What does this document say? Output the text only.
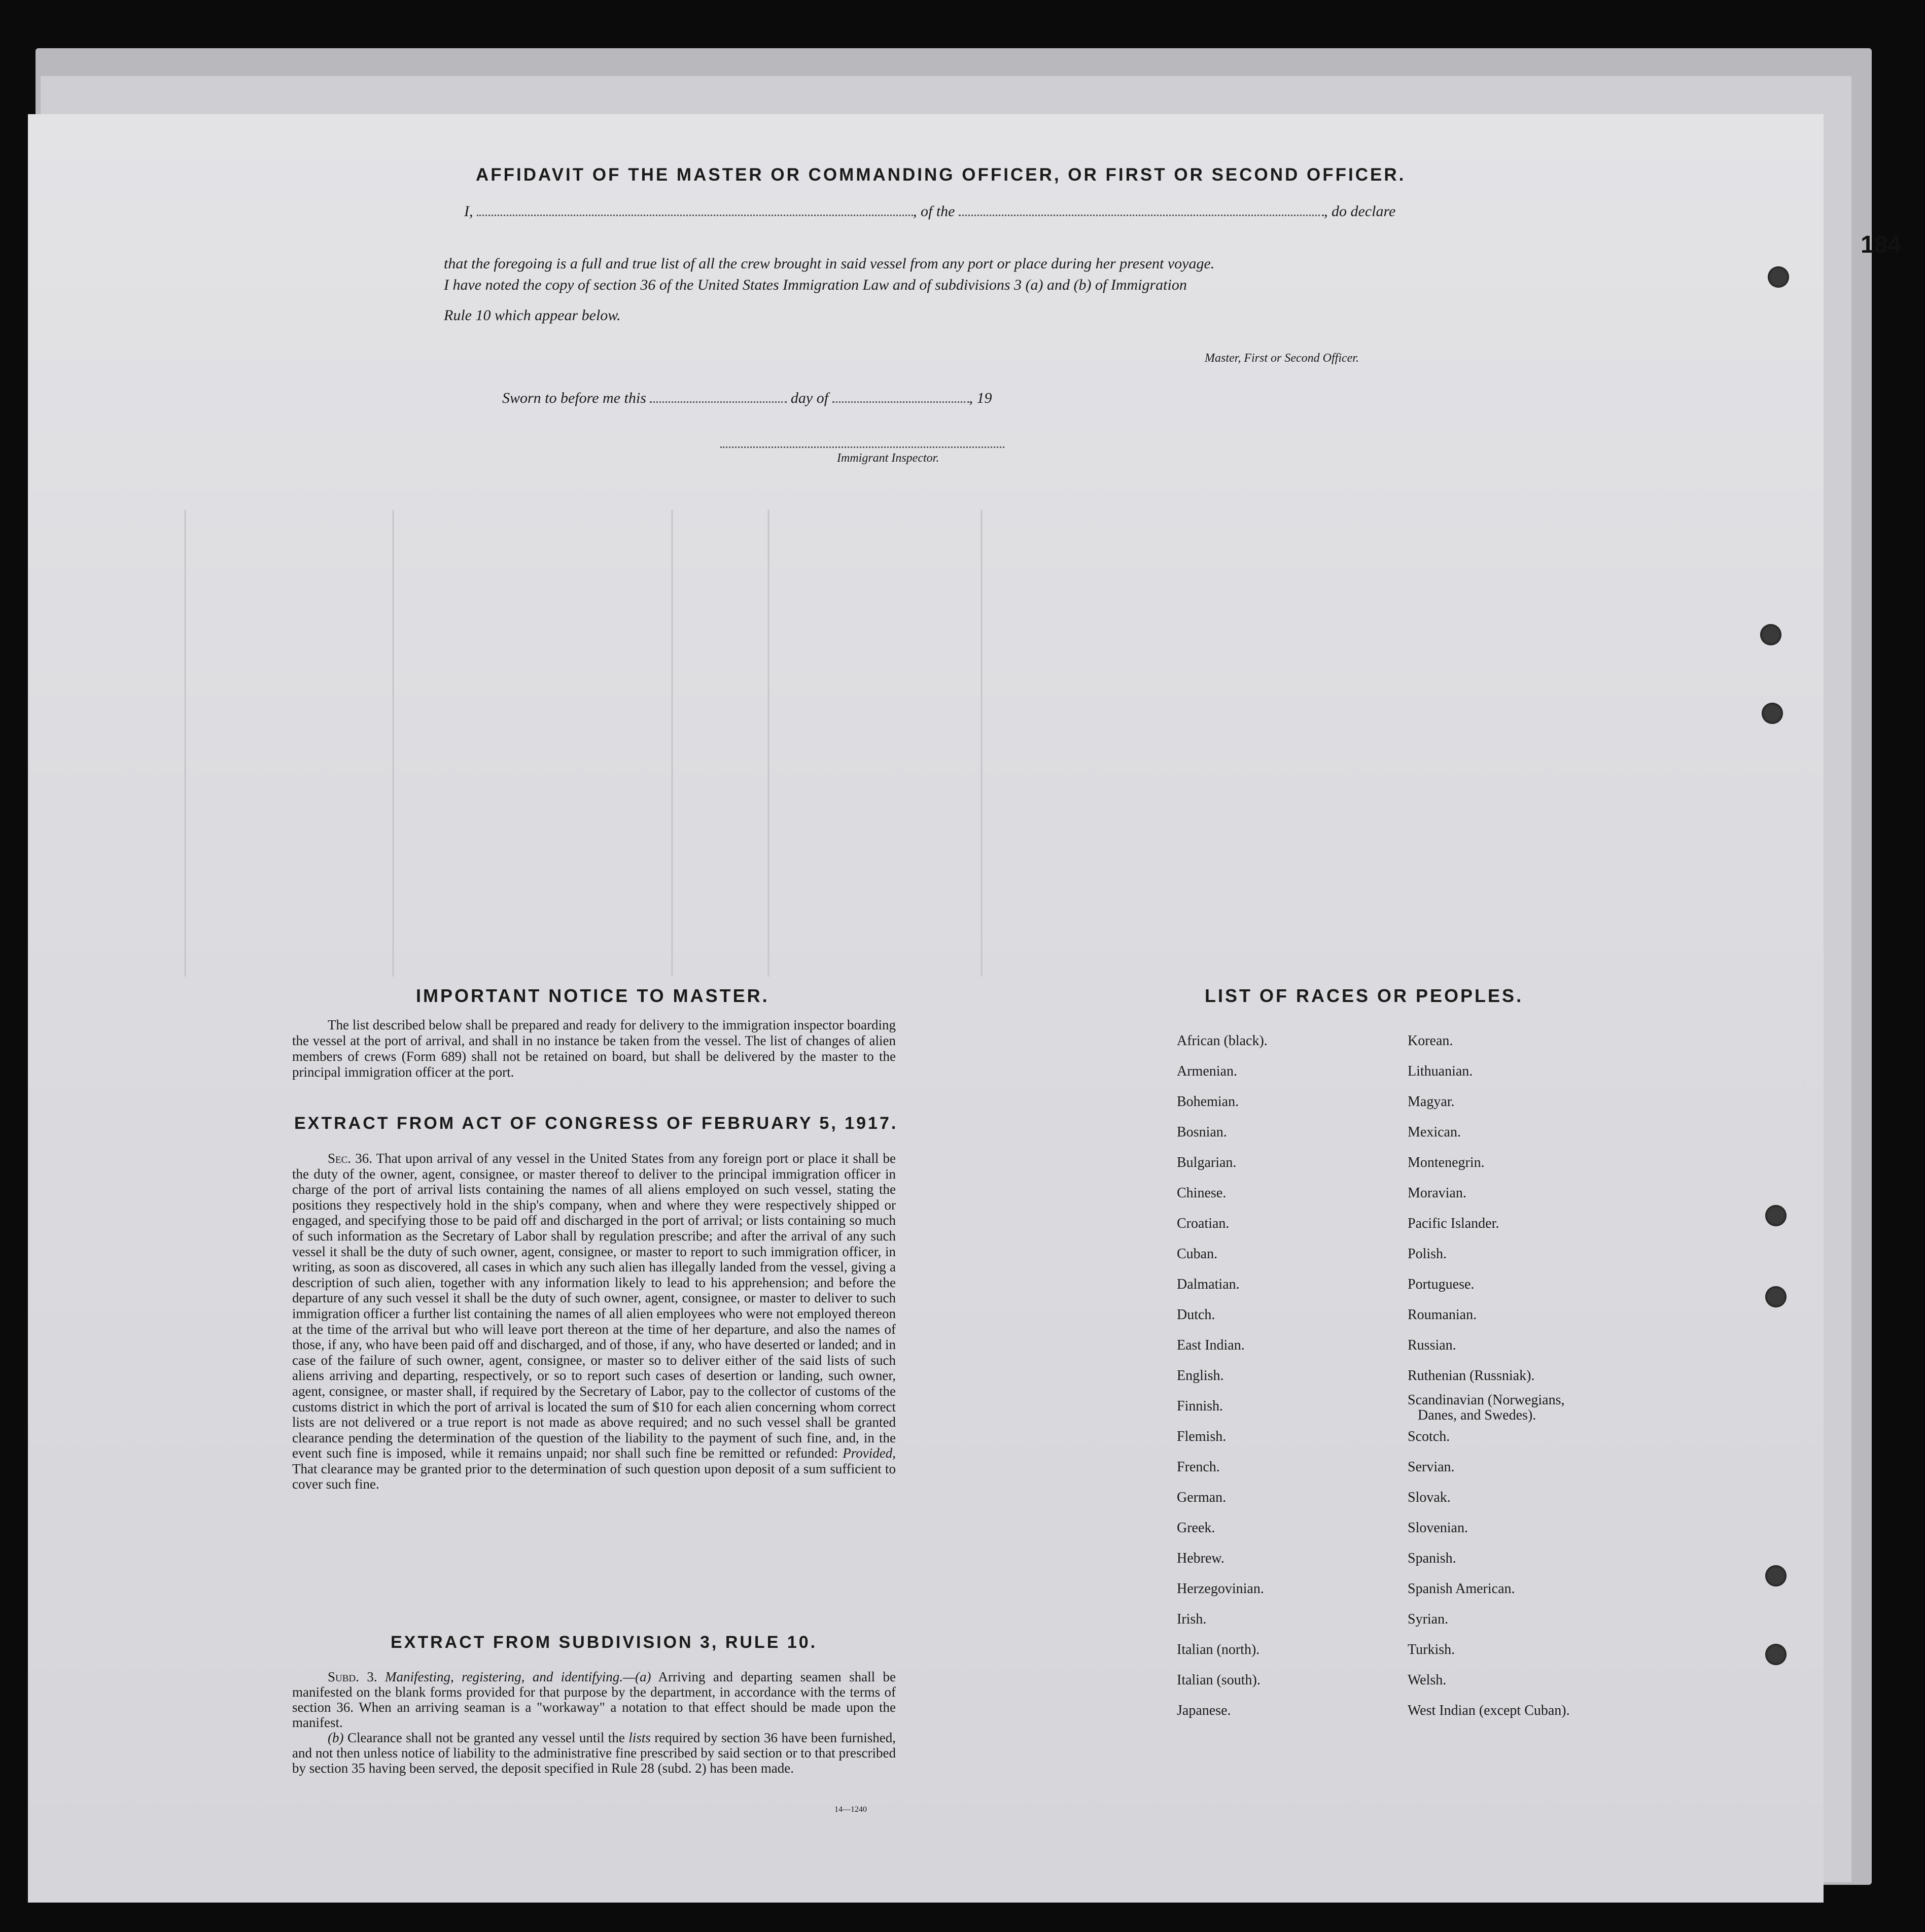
184
AFFIDAVIT OF THE MASTER OR COMMANDING OFFICER, OR FIRST OR SECOND OFFICER.
I,	, of the	, do declare
that the foregoing is a full and true list of all the crew brought in said vessel from any port or place during her present voyage.
I have noted the copy of section 36 of the United States Immigration Law and of subdivisions 3 (a) and (b) of Immigration
Rule 10 which appear below.
Master, First or Second Officer.
Sworn to before me this	day of	, 19
Immigrant Inspector.
IMPORTANT NOTICE TO MASTER.
The list described below shall be prepared and ready for delivery to the immigration inspector boarding the vessel at the port of arrival, and shall in no instance be taken from the vessel. The list of changes of alien members of crews (Form 689) shall not be retained on board, but shall be delivered by the master to the principal immigration officer at the port.
EXTRACT FROM ACT OF CONGRESS OF FEBRUARY 5, 1917.
Sec. 36. That upon arrival of any vessel in the United States from any foreign port or place it shall be the duty of the owner, agent, consignee, or master thereof to deliver to the principal immigration officer in charge of the port of arrival lists containing the names of all aliens employed on such vessel, stating the positions they respectively hold in the ship's company, when and where they were respectively shipped or engaged, and specifying those to be paid off and discharged in the port of arrival; or lists containing so much of such information as the Secretary of Labor shall by regulation prescribe; and after the arrival of any such vessel it shall be the duty of such owner, agent, consignee, or master to report to such immigration officer, in writing, as soon as discovered, all cases in which any such alien has illegally landed from the vessel, giving a description of such alien, together with any information likely to lead to his apprehension; and before the departure of any such vessel it shall be the duty of such owner, agent, consignee, or master to deliver to such immigration officer a further list containing the names of all alien employees who were not employed thereon at the time of the arrival but who will leave port thereon at the time of her departure, and also the names of those, if any, who have been paid off and discharged, and of those, if any, who have deserted or landed; and in case of the failure of such owner, agent, consignee, or master so to deliver either of the said lists of such aliens arriving and departing, respectively, or so to report such cases of desertion or landing, such owner, agent, consignee, or master shall, if required by the Secretary of Labor, pay to the collector of customs of the customs district in which the port of arrival is located the sum of $10 for each alien concerning whom correct lists are not delivered or a true report is not made as above required; and no such vessel shall be granted clearance pending the determination of the question of the liability to the payment of such fine, and, in the event such fine is imposed, while it remains unpaid; nor shall such fine be remitted or refunded: Provided, That clearance may be granted prior to the determination of such question upon deposit of a sum sufficient to cover such fine.
EXTRACT FROM SUBDIVISION 3, RULE 10.

Subd. 3. Manifesting, registering, and identifying.—(a) Arriving and departing seamen shall be manifested on the blank forms provided for that purpose by the department, in accordance with the terms of section 36. When an arriving seaman is a "workaway" a notation to that effect should be made upon the manifest.

(b) Clearance shall not be granted any vessel until the lists required by section 36 have been furnished, and not then unless notice of liability to the administrative fine prescribed by said section or to that prescribed by section 35 having been served, the deposit specified in Rule 28 (subd. 2) has been made.

14—1240
LIST OF RACES OR PEOPLES.
African (black).
Armenian.
Bohemian.
Bosnian.
Bulgarian.
Chinese.
Croatian.
Cuban.
Dalmatian.
Dutch.
East Indian.
English.
Finnish.
Flemish.
French.
German.
Greek.
Hebrew.
Herzegovinian.
Irish.
Italian (north).
Italian (south).
Japanese.
Korean.
Lithuanian.
Magyar.
Mexican.
Montenegrin.
Moravian.
Pacific Islander.
Polish.
Portuguese.
Roumanian.
Russian.
Ruthenian (Russniak).
Scandinavian (Norwegians,
Danes, and Swedes).
Scotch.
Servian.
Slovak.
Slovenian.
Spanish.
Spanish American.
Syrian.
Turkish.
Welsh.
West Indian (except Cuban).
